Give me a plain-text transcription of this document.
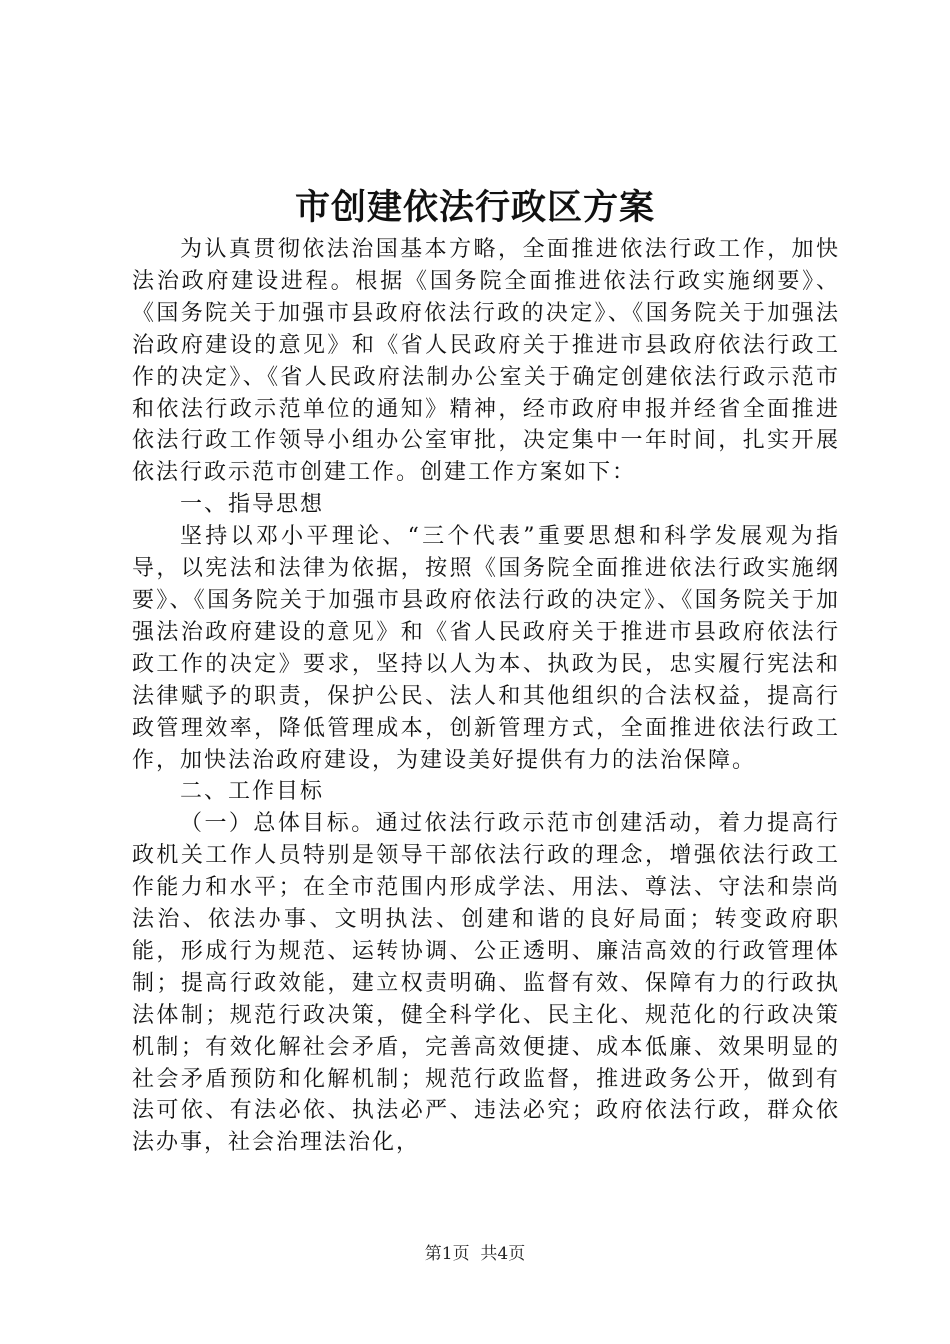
市创建依法行政区方案

为认真贯彻依法治国基本方略，全面推进依法行政工作，加快法治政府建设进程。根据《国务院全面推进依法行政实施纲要》、《国务院关于加强市县政府依法行政的决定》、《国务院关于加强法治政府建设的意见》和《省人民政府关于推进市县政府依法行政工作的决定》、《省人民政府法制办公室关于确定创建依法行政示范市和依法行政示范单位的通知》精神，经市政府申报并经省全面推进依法行政工作领导小组办公室审批，决定集中一年时间，扎实开展依法行政示范市创建工作。创建工作方案如下：

一、指导思想

坚持以邓小平理论、“三个代表”重要思想和科学发展观为指导，以宪法和法律为依据，按照《国务院全面推进依法行政实施纲要》、《国务院关于加强市县政府依法行政的决定》、《国务院关于加强法治政府建设的意见》和《省人民政府关于推进市县政府依法行政工作的决定》要求，坚持以人为本、执政为民，忠实履行宪法和法律赋予的职责，保护公民、法人和其他组织的合法权益，提高行政管理效率，降低管理成本，创新管理方式，全面推进依法行政工作，加快法治政府建设，为建设美好提供有力的法治保障。

二、工作目标

（一）总体目标。通过依法行政示范市创建活动，着力提高行政机关工作人员特别是领导干部依法行政的理念，增强依法行政工作能力和水平；在全市范围内形成学法、用法、尊法、守法和崇尚法治、依法办事、文明执法、创建和谐的良好局面；转变政府职能，形成行为规范、运转协调、公正透明、廉洁高效的行政管理体制；提高行政效能，建立权责明确、监督有效、保障有力的行政执法体制；规范行政决策，健全科学化、民主化、规范化的行政决策机制；有效化解社会矛盾，完善高效便捷、成本低廉、效果明显的社会矛盾预防和化解机制；规范行政监督，推进政务公开，做到有法可依、有法必依、执法必严、违法必究；政府依法行政，群众依法办事，社会治理法治化，

第1页 共4页
